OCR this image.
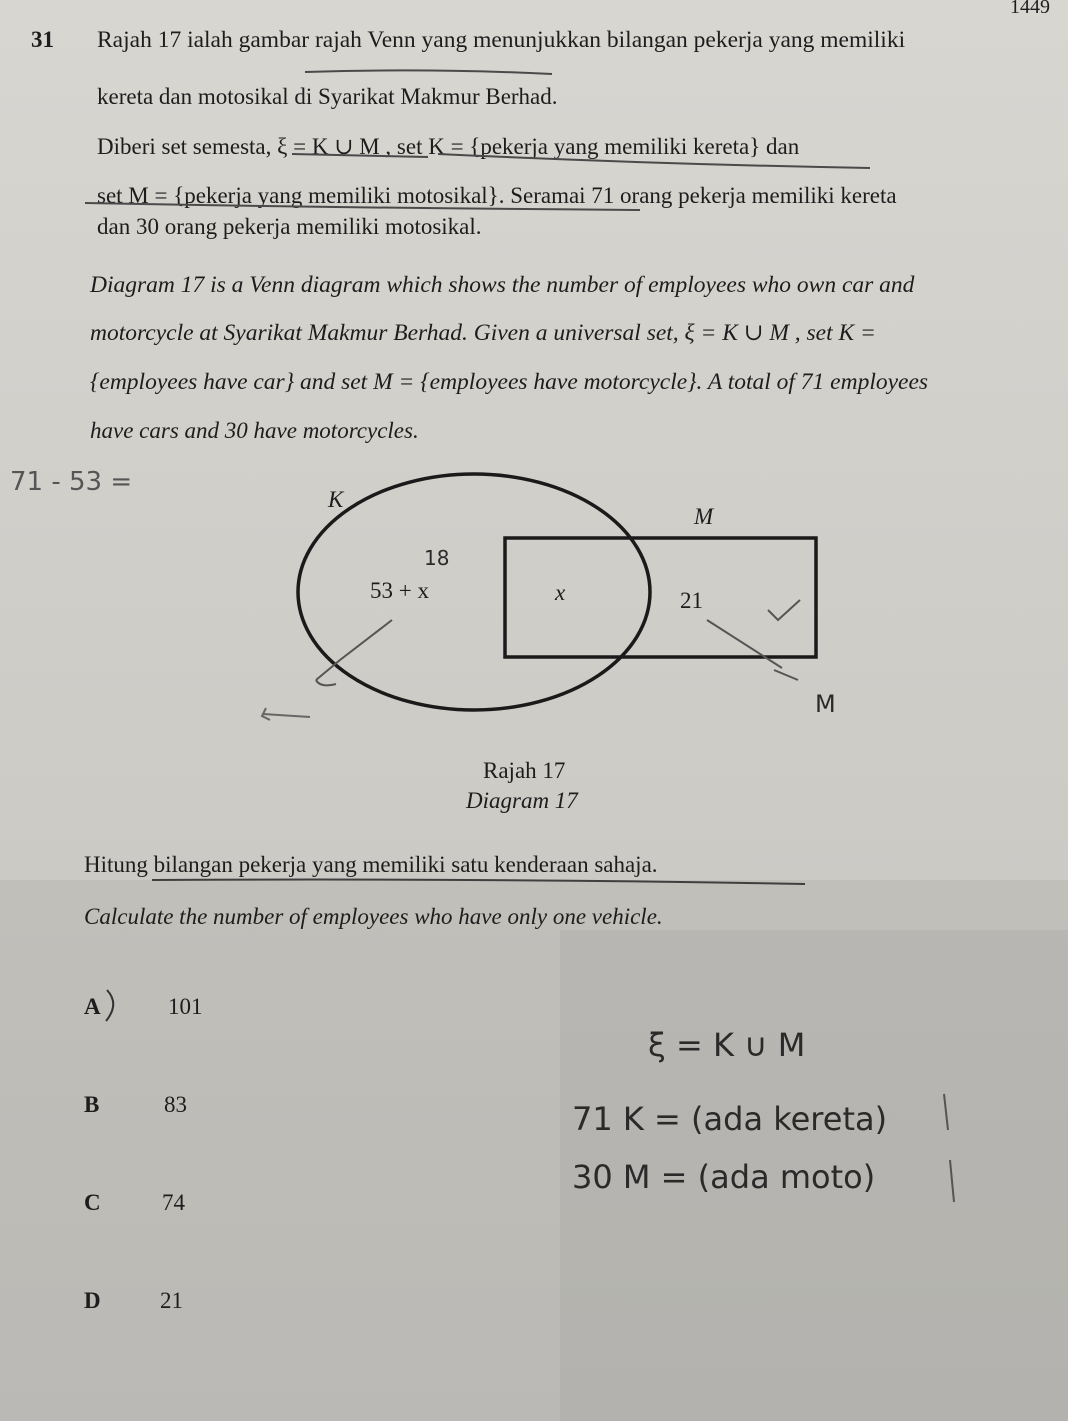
1449

31 Rajah 17 ialah gambar rajah Venn yang menunjukkan bilangan pekerja yang memiliki

kereta dan motosikal di Syarikat Makmur Berhad.

Diberi set semesta, ξ = K ∪ M , set K = {pekerja yang memiliki kereta} dan

set M = {pekerja yang memiliki motosikal}. Seramai 71 orang pekerja memiliki kereta

dan 30 orang pekerja memiliki motosikal.

Diagram 17 is a Venn diagram which shows the number of employees who own car and

motorcycle at Syarikat Makmur Berhad. Given a universal set, ξ = K ∪ M , set K =

{employees have car} and set M = {employees have motorcycle}. A total of 71 employees

have cars and 30 have motorcycles.

K

M

53 + x	x	21

71 - 53 =

18

M

Rajah 17

Diagram 17

Hitung bilangan pekerja yang memiliki satu kenderaan sahaja.

Calculate the number of employees who have only one vehicle.

A	101
B	83
C	74
D	21

ξ = K ∪ M

71 K = (ada kereta)

30 M = (ada moto)
